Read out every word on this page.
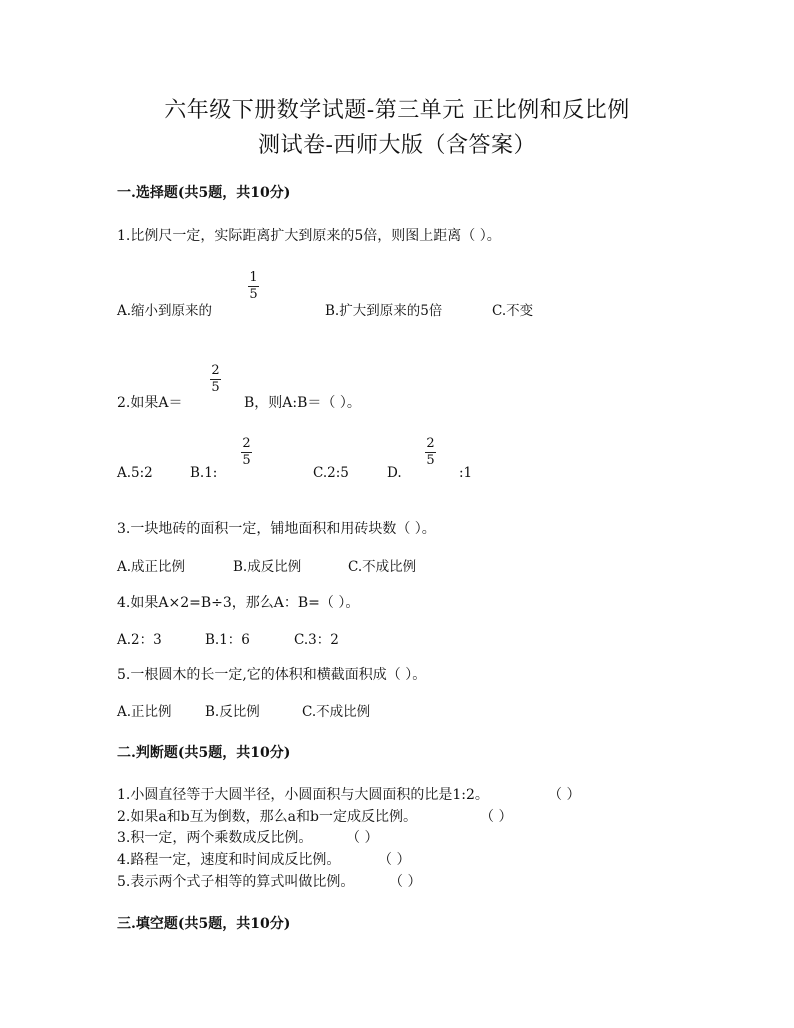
六年级下册数学试题-第三单元 正比例和反比例
测试卷-西师大版（含答案）
一.选择题(共5题，共10分)
1.比例尺一定，实际距离扩大到原来的5倍，则图上距离（ ）。
A.缩小到原来的
1
5
B.扩大到原来的5倍	C.不变
2.如果A＝
2
5
B，则A:B＝（ ）。
A.5:2	B.1:
2
5
C.2:5	D.
2
5
:1
3.一块地砖的面积一定，铺地面积和用砖块数（ ）。
A.成正比例	B.成反比例	C.不成比例
4.如果A×2=B÷3，那么A：B=（ ）。
A.2：3	B.1：6	C.3：2
5.一根圆木的长一定,它的体积和横截面积成（ ）。
A.正比例 B.反比例	C.不成比例
二.判断题(共5题，共10分)
1.小圆直径等于大圆半径，小圆面积与大圆面积的比是1:2。	（ ）
2.如果a和b互为倒数，那么a和b一定成反比例。	（ ）
3.积一定，两个乘数成反比例。 （ ）
4.路程一定，速度和时间成反比例。	（ ）
5.表示两个式子相等的算式叫做比例。 （ ）
三.填空题(共5题，共10分)
